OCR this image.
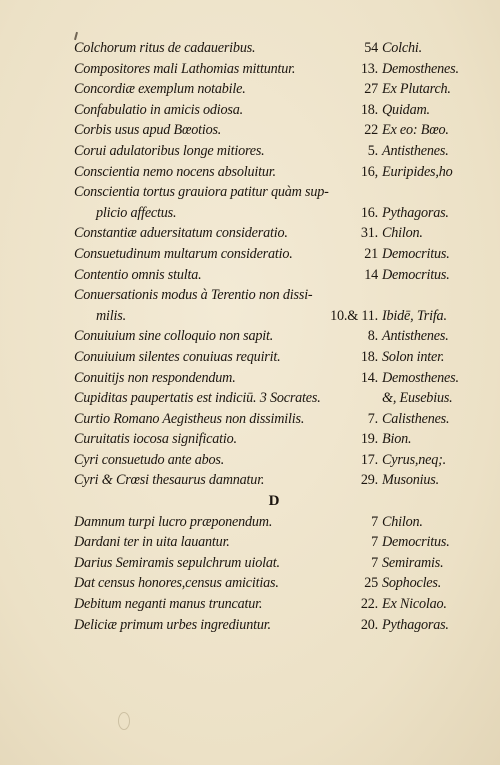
Colchorum ritus de cadaueribus.	54 Colchi.
Compositores mali Lathomias mittuntur.	13. Demosthenes.
Concordiæ exemplum notabile.	27 Ex Plutarch.
Confabulatio in amicis odiosa.	18. Quidam.
Corbis usus apud Bœotios.	22 Ex eo: Bœo.
Corui adulatoribus longe mitiores.	5. Antisthenes.
Conscientia nemo nocens absoluitur.	16, Euripides,ho
Conscientia tortus grauiora patitur quàm sup-
plicio affectus.	16. Pythagoras.
Constantiæ aduersitatum consideratio.	31. Chilon.
Consuetudinum multarum consideratio.	21 Democritus.
Contentio omnis stulta.	14 Democritus.
Conuersationis modus à Terentio non dissi-
milis.	10.& 11. Ibidē, Trifa.
Conuiuium sine colloquio non sapit.	8. Antisthenes.
Conuiuium silentes conuiuas requirit.	18. Solon inter.
Conuitijs non respondendum.	14. Demosthenes.
Cupiditas paupertatis est indiciū. 3 Socrates.	&, Eusebius.
Curtio Romano Aegistheus non dissimilis.	7. Calisthenes.
Curuitatis iocosa significatio.	19. Bion.
Cyri consuetudo ante abos.	17. Cyrus,neq;.
Cyri & Crœsi thesaurus damnatur.	29. Musonius.
D
Damnum turpi lucro præponendum.	7 Chilon.
Dardani ter in uita lauantur.	7 Democritus.
Darius Semiramis sepulchrum uiolat.	7 Semiramis.
Dat census honores,census amicitias.	25 Sophocles.
Debitum neganti manus truncatur.	22. Ex Nicolao.
Deliciæ primum urbes ingrediuntur.	20. Pythagoras.
